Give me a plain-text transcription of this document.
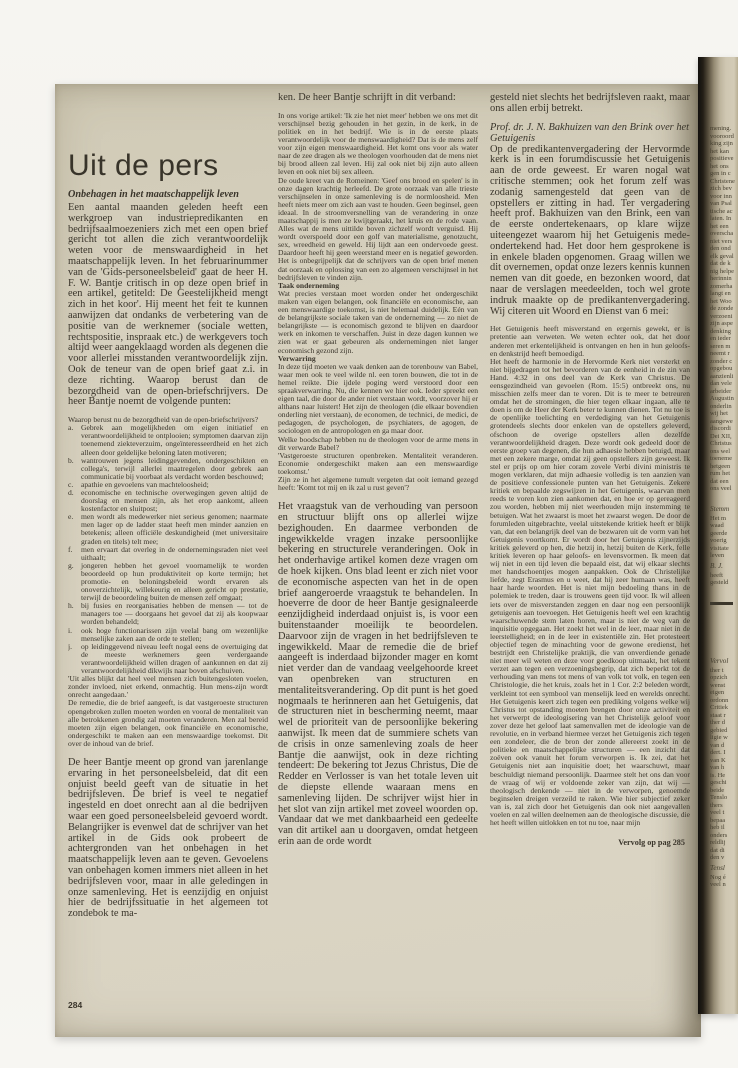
Uit de pers

Onbehagen in het maatschappelijk leven

Een aantal maanden geleden heeft een werkgroep van industriepredikanten en bedrijfsaalmoezeniers zich met een open brief gericht tot allen die zich verantwoordelijk weten voor de menswaardigheid in het maatschappelijk leven. In het februarinummer van de 'Gids-personeelsbeleid' gaat de heer H. F. W. Bantje critisch in op deze open brief in een artikel, getiteld: De Geestelijkheid mengt zich in het koor'. Hij meent het feit te kunnen aanwijzen dat ondanks de verbetering van de positie van de werknemer (sociale wetten, rechtspositie, inspraak etc.) de werkgevers toch altijd weer aangeklaagd worden als degenen die voor allerlei misstanden verantwoordelijk zijn. Ook de teneur van de open brief gaat z.i. in deze richting. Waarop berust dan de bezorgdheid van de open-briefschrijvers. De heer Bantje noemt de volgende punten:

Waarop berust nu de bezorgdheid van de open-briefschrijvers?

a. Gebrek aan mogelijkheden om eigen initiatief en verantwoordelijkheid te ontplooien; symptomen daarvan zijn toenemend ziekteverzuim, ongeïnteresseerdheid en het zich alleen door geldelijke beloning laten motiveren;
b. wantrouwen jegens leidinggevenden, ondergeschikten en collega's, terwijl allerlei maatregelen door gebrek aan communicatie bij voorbaat als verdacht worden beschouwd;
c. apathie en gevoelens van machteloosheid;
d. economische en technische overwegingen geven altijd de doorslag en mensen zijn, als het erop aankomt, alleen kostenfactor en sluitpost;
e. men wordt als medewerker niet serieus genomen; naarmate men lager op de ladder staat heeft men minder aanzien en betekenis; alleen officiële deskundigheid (met universitaire graden en titels) telt mee;
f. men ervaart dat overleg in de ondernemingsraden niet veel uithaalt;
g. jongeren hebben het gevoel voornamelijk te worden beoordeeld op hun produktiviteit op korte termijn; het promotie- en beloningsbeleid wordt ervaren als onoverzichtelijk, willekeurig en alleen gericht op prestatie, terwijl de beoordeling buiten de mensen zelf omgaat;
h. bij fusies en reorganisaties hebben de mensen — tot de managers toe — doorgaans het gevoel dat zij als koopwaar worden behandeld;
i. ook hoge functionarissen zijn veelal bang om wezenlijke menselijke zaken aan de orde te stellen;
j. op leidinggevend niveau leeft nogal eens de overtuiging dat de meeste werknemers geen verdergaande verantwoordelijkheid willen dragen of aankunnen en dat zij verantwoordelijkheid dikwijls naar boven afschuiven.

'Uit alles blijkt dat heel veel mensen zich buitengesloten voelen, zonder invloed, niet erkend, onmachtig. Hun mens-zijn wordt onrecht aangedaan.'

De remedie, die de brief aangeeft, is dat vastgeroeste structuren opengebroken zullen moeten worden en vooral de mentaliteit van alle betrokkenen grondig zal moeten veranderen. Men zal bereid moeten zijn eigen belangen, ook financiële en economische, ondergeschikt te maken aan een menswaardige toekomst. Dit over de inhoud van de brief.

De heer Bantje meent op grond van jarenlange ervaring in het personeelsbeleid, dat dit een onjuist beeld geeft van de situatie in het bedrijfsleven. De brief is veel te negatief ingesteld en doet onrecht aan al die bedrijven waar een goed personeelsbeleid gevoerd wordt. Belangrijker is evenwel dat de schrijver van het artikel in de Gids ook probeert de achtergronden van het onbehagen in het maatschappelijk leven aan te geven. Gevoelens van onbehagen komen immers niet alleen in het bedrijfsleven voor, maar in alle geledingen in onze samenleving. Het is eenzijdig en onjuist hier de bedrijfssituatie in het algemeen tot zondebok te ma-

ken. De heer Bantje schrijft in dit verband:

In ons vorige artikel: 'Ik zie het niet meer' hebben we ons met dit verschijnsel bezig gehouden in het gezin, in de kerk, in de politiek en in het bedrijf. Wie is in de eerste plaats verantwoordelijk voor de menswaardigheid? Dat is de mens zelf voor zijn eigen menswaardigheid. Het komt ons voor als water naar de zee dragen als we theologen voorhouden dat de mens niet bij brood alleen zal leven. Hij zal ook niet bij zijn auto alleen leven en ook niet bij sex alleen.

De oude kreet van de Romeinen: 'Geef ons brood en spelen' is in onze dagen krachtig herleefd. De grote oorzaak van alle trieste verschijnselen in onze samenleving is de normloosheid. Men heeft niets meer om zich aan vast te houden. Geen beginsel, geen ideaal. In de stroomversnelling van de verandering in onze maatschappij is men ze kwijtgeraakt, het kruis en de rode vaan. Alles wat de mens uittilde boven zichzelf wordt verguisd. Hij wordt overspoeld door een golf van materialisme, genotzucht, sex, wreedheid en geweld. Hij lijdt aan een ondervoede geest. Daardoor heeft hij geen weerstand meer en is negatief geworden. Het is onbegrijpelijk dat de schrijvers van de open brief menen dat oorzaak en oplossing van een zo algemeen verschijnsel in het bedrijfsleven te vinden zijn.

Taak onderneming

Wat precies verstaan moet worden onder het ondergeschikt maken van eigen belangen, ook financiële en economische, aan een menswaardige toekomst, is niet helemaal duidelijk. Eén van de belangrijkste sociale taken van de onderneming — zo niet de belangrijkste — is economisch gezond te blijven en daardoor werk en inkomen te verschaffen. Juist in deze dagen kunnen we zien wat er gaat gebeuren als ondernemingen niet langer economisch gezond zijn.

Verwarring

In deze tijd moeten we vaak denken aan de torenbouw van Babel, waar men ook te veel wilde nl. een toren bouwen, die tot in de hemel reikte. Die ijdele poging werd verstoord door een spraakverwarring. Nu, die kennen we hier ook. Ieder spreekt een eigen taal, die door de ander niet verstaan wordt, voorzover hij er althans naar luistert! Het zijn de theologen (die elkaar bovendien onderling niet verstaan), de economen, de technici, de medici, de pedagogen, de psychologen, de psychiaters, de agogen, de sociologen en de antropologen en ga maar door.

Welke boodschap hebben nu de theologen voor de arme mens in dit verwarde Babel?

'Vastgeroeste structuren openbreken. Mentaliteit veranderen. Economie ondergeschikt maken aan een menswaardige toekomst.'

Zijn ze in het algemene tumult vergeten dat ooit iemand gezegd heeft: 'Komt tot mij en ik zal u rust geven'?

Het vraagstuk van de verhouding van persoon en structuur blijft ons op allerlei wijze bezighouden. En daarmee verbonden de ingewikkelde vragen inzake persoonlijke bekering en structurele veranderingen. Ook in het onderhavige artikel komen deze vragen om de hoek kijken. Ons blad leent er zich niet voor de economische aspecten van het in de open brief aangeroerde vraagstuk te behandelen. In hoeverre de door de heer Bantje gesignaleerde eenzijdigheid inderdaad onjuist is, is voor een buitenstaander moeilijk te beoordelen. Daarvoor zijn de vragen in het bedrijfsleven te ingewikkeld. Maar de remedie die de brief aangeeft is inderdaad bijzonder mager en komt niet verder dan de vandaag veelgehoorde kreet van openbreken van structuren en mentaliteitsverandering. Op dit punt is het goed nogmaals te herinneren aan het Getuigenis, dat de structuren niet in bescherming neemt, maar wel de prioriteit van de persoonlijke bekering aanwijst. Ik meen dat de summiere schets van de crisis in onze samenleving zoals de heer Bantje die aanwijst, ook in deze richting tendeert: De bekering tot Jezus Christus, Die de Redder en Verlosser is van het totale leven uit de diepste ellende waaraan mens en samenleving lijden. De schrijver wijst hier in het slot van zijn artikel met zoveel woorden op. Vandaar dat we met dankbaarheid een gedeelte van dit artikel aan u doorgaven, omdat hetgeen erin aan de orde wordt

gesteld niet slechts het bedrijfsleven raakt, maar ons allen erbij betrekt.

Prof. dr. J. N. Bakhuizen van den Brink over het Getuigenis

Op de predikantenvergadering der Hervormde kerk is in een forumdiscussie het Getuigenis aan de orde geweest. Er waren nogal wat critische stemmen; ook het forum zelf was zodanig samengesteld dat geen van de opstellers er zitting in had. Ter vergadering heeft prof. Bakhuizen van den Brink, een van de eerste ondertekenaars, op klare wijze uiteengezet waarom hij het Getuigenis mede-ondertekend had. Het door hem gesprokene is in enkele bladen opgenomen. Graag willen we dit overnemen, opdat onze lezers kennis kunnen nemen van dit goede, en bezonken woord, dat naar de verslagen meedeelden, toch wel grote indruk maakte op de predikantenvergadering. Wij citeren uit Woord en Dienst van 6 mei:

Het Getuigenis heeft misverstand en ergernis gewekt, er is pretentie aan verweten. We weten echter ook, dat het door anderen met erkentelijkheid is ontvangen en hen in hun geloofs- en denkstrijd heeft bemoedigd.

Het heeft de harmonie in de Hervormde Kerk niet versterkt en niet bijgedragen tot het bevorderen van de eenheid in de zin van Hand. 4:32 in ons deel van de Kerk van Christus. De eensgezindheid van gevoelen (Rom. 15:5) ontbreekt ons, nu misschien zelfs meer dan te voren. Dit is te meer te betreuren omdat het de stromingen, die hier tegen elkaar ingaan, alle te doen is om de Heer der Kerk beter te kunnen dienen. Tot nu toe is de openlijke toelichting en verdediging van het Getuigenis grotendeels slechts door enkelen van de opstellers geleverd, ofschoon de overige opstellers allen dezelfde verantwoordelijkheid dragen. Deze wordt ook gedeeld door de eerste groep van degenen, die hun adhaesie hebben betuigd, maar met een zekere marge, omdat zij geen opstellers zijn geweest. Ik stel er prijs op om hier coram zovele Verbi divini ministris te mogen verklaren, dat mijn adhaesie volledig is ten aanzien van de positieve confessionele punten van het Getuigenis. Zekere kritiek en bepaalde zegswijzen in het Getuigenis, waarvan men reeds te voren kon zien aankomen dat, en hoe er op gereageerd zou worden, hebben mij niet weerhouden mijn instemming te betuigen. Wat het zwaarst is moet het zwaarst wegen. De door de forumleden uitgebrachte, veelal uitstekende kritiek heeft er blijk van, dat een belangrijk deel van de bezwaren uit de vorm van het Getuigenis voortkomt. Er wordt door het Getuigenis zijnerzijds kritiek geleverd op hen, die hetzij in, hetzij buiten de Kerk, felle kritiek leveren op haar geloofs- en levensvormen. Ik meen dat wij niet in een tijd leven die bepaald eist, dat wij elkaar slechts met handschoentjes mogen aanpakken. Ook de Christelijke liefde, zegt Erasmus en u weet, dat hij zeer humaan was, heeft haar harde woorden. Het is niet mijn bedoeling thans in de polemiek te treden, daar is trouwens geen tijd voor. Ik wil alleen iets over de misverstanden zeggen en daar nog een persoonlijk getuigenis aan toevoegen. Het Getuigenis heeft wel een krachtig waarschuwende stem laten horen, maar is niet de weg van de inquisitie opgegaan. Het zoekt het wel in de leer, maar niet in de leerstelligheid; en in de leer in existentiële zin. Het protesteert objectief tegen de minachting voor de gewone eredienst, het bestrijdt een Christelijke praktijk, die van onverdiende genade niet meer wil weten en deze voor goedkoop uitmaakt, het tekent verzet aan tegen een verzoeningsbegrip, dat zich beperkt tot de verhouding van mens tot mens of van volk tot volk, en tegen een Christologie, die het kruis, zoals het in 1 Cor. 2:2 beleden wordt, verkleint tot een symbool van menselijk leed en werelds onrecht. Het Getuigenis keert zich tegen een prediking volgens welke wij Christus tot opstanding moeten brengen door onze activiteit en het verwerpt de ideologisering van het Christelijk geloof voor zover deze het geloof laat samenvallen met de ideologie van de revolutie, en in verband hiermee verzet het Getuigenis zich tegen een zondeleer, die de bron der zonde allereerst zoekt in de politieke en maatschappelijke structuren — een inzicht dat zoëven ook vanuit het forum verworpen is. Ik zei, dat het Getuigenis niet aan inquisitie doet; het waarschuwt, maar beschuldigt niemand persoonlijk. Daarmee stelt het ons dan voor de vraag of wij er voldoende zeker van zijn, dat wij — theologisch denkende — niet in de verworpen, genoemde beginselen dreigen verzeild te raken. Wie hier subjectief zeker van is, zal zich door het Getuigenis dan ook niet aangevallen voelen en zal willen deelnemen aan de theologische discussie, die het heeft willen uitlokken en tot nu toe, naar mijn

Vervolg op pag 285

284
mening.
vooroord
king zijn
het kan
positieve
het ons
gen in c
Christene
zich bev
voor inn
van Psal
tische ac
laten. In
het een
overscha
niet vers
den ond
elk geval
dat de k
nig helpe
herinnin
zomerha
langt en
het Woo
de zonde
verzoeni
zijn aspe
denking
en ieder
seren m
neemt r
zonder c
opgebou
aanzienli
dan vele
arbeider
Augustin
onderlin
wij het
aangewe
discordi
Dei XII,
Christus
ons wel
toeneme
hetgeen
rum het
dat een
ons veel
Stemm
Het m
waad
geerde
voerig
visitate
leven
B. J.
heeft
gesteld
Vervol
ther t
opzich
wenst
eigen
ordonn
Critiek
staat r
ther d
gebied
ligie w
van d
dert. I
van K
van h
is. He
geschi
beide
Tenslo
thers
veel t
bepaa
heb il
onders
reldlij
dat di
den v
Tensl
Nog é
veel n
